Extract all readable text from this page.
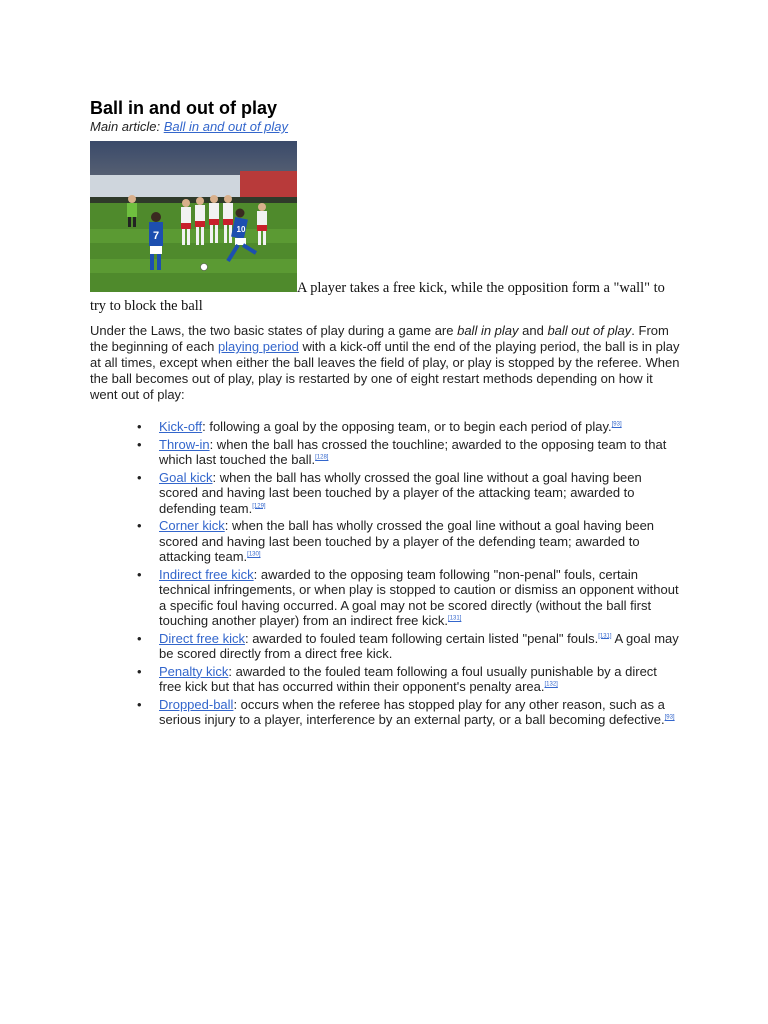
Ball in and out of play
Main article: Ball in and out of play
7
10
A player takes a free kick, while the opposition form a "wall" to try to block the ball

Under the Laws, the two basic states of play during a game are ball in play and ball out of play. From the beginning of each playing period with a kick-off until the end of the playing period, the ball is in play at all times, except when either the ball leaves the field of play, or play is stopped by the referee. When the ball becomes out of play, play is restarted by one of eight restart methods depending on how it went out of play:

• Kick-off: following a goal by the opposing team, or to begin each period of play.[93]
• Throw-in: when the ball has crossed the touchline; awarded to the opposing team to that which last touched the ball.[128]
• Goal kick: when the ball has wholly crossed the goal line without a goal having been scored and having last been touched by a player of the attacking team; awarded to defending team.[129]
• Corner kick: when the ball has wholly crossed the goal line without a goal having been scored and having last been touched by a player of the defending team; awarded to attacking team.[130]
• Indirect free kick: awarded to the opposing team following "non-penal" fouls, certain technical infringements, or when play is stopped to caution or dismiss an opponent without a specific foul having occurred. A goal may not be scored directly (without the ball first touching another player) from an indirect free kick.[131]
• Direct free kick: awarded to fouled team following certain listed "penal" fouls.[131] A goal may be scored directly from a direct free kick.
• Penalty kick: awarded to the fouled team following a foul usually punishable by a direct free kick but that has occurred within their opponent's penalty area.[132]
• Dropped-ball: occurs when the referee has stopped play for any other reason, such as a serious injury to a player, interference by an external party, or a ball becoming defective.[93]
